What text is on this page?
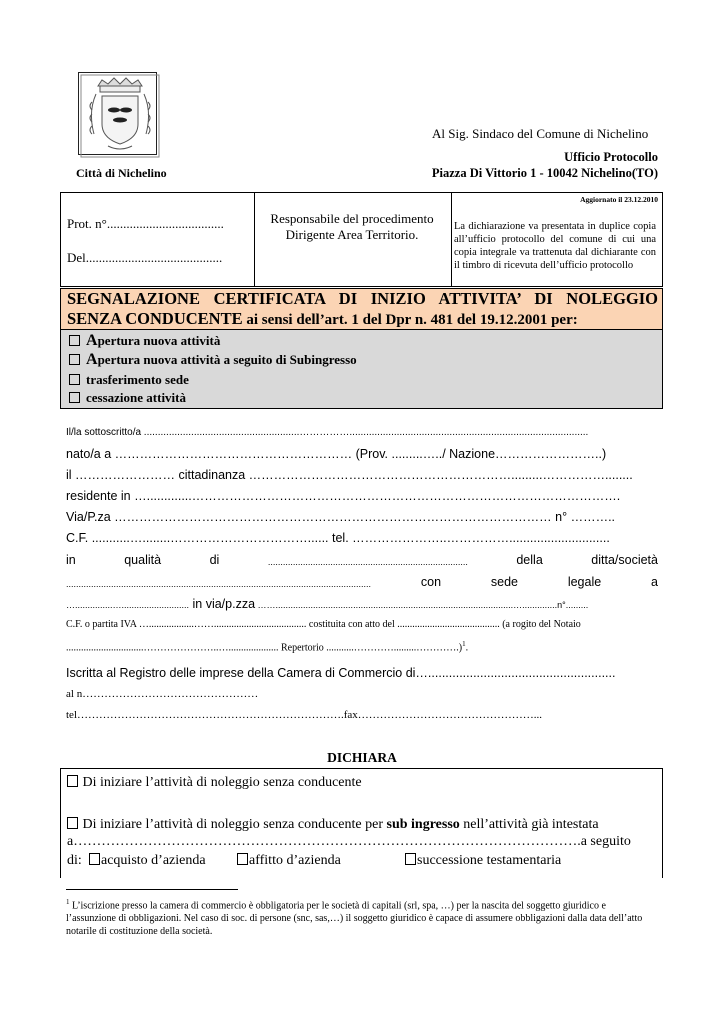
Città di Nichelino
Al Sig. Sindaco del Comune di Nichelino
Ufficio Protocollo
Piazza Di Vittorio 1 - 10042 Nichelino(TO)
Aggiornato il 23.12.2010
Prot. n°....................................
Del..........................................
Responsabile del procedimento Dirigente Area Territorio.
La dichiarazione va presentata in duplice copia all’ufficio protocollo del comune di cui una copia integrale va trattenuta dal dichiarante con il timbro di ricevuta dell’ufficio protocollo
SEGNALAZIONE CERTIFICATA DI INIZIO ATTIVITA’ DI NOLEGGIO
SENZA CONDUCENTE ai sensi dell’art. 1 del Dpr n. 481 del 19.12.2001 per:
Apertura nuova attività
Apertura nuova attività a seguito di Subingresso
trasferimento sede
cessazione attività
Il/la sottoscritto/a ........................................................……………......................................................................................
nato/a a ………………………………………………… (Prov. .........…../ Nazione……………………..)
il …………………… cittadinanza ……………………………………………………….........……………........
residente in ….............………………………………………………………………………………………….
Via/P.za …………………………………………………………………………………………… n° ………..
C.F. ...........…........……………………………...... tel. …………………..…………….............................
in	qualità	di	................................................................................	della	ditta/società
..........................................................................................................................	con	sede	legale	a
…...............…........................... in via/p.zza ……...............................................................................................…..............n°.........
C.F. o partita IVA …..................……..................................... costituita con atto del ......................................... (a rogito del Notaio
...............................…………………..….................... Repertorio ...........………….........………….)$^1$.
Iscritta al Registro delle imprese della Camera di Commercio di…......................................................
al n…………………………………………
tel……………………………………………………………….fax…………………………………………...
DICHIARA
Di iniziare l’attività di noleggio senza conducente
Di iniziare l’attività di noleggio senza conducente per sub ingresso nell’attività già intestata
a……………………………………………………………………………………………….a seguito
di:	acquisto d’azienda	affitto d’azienda	successione testamentaria
$^1$ L’iscrizione presso la camera di commercio è obbligatoria per le società di capitali (srl, spa, …) per la nascita del soggetto giuridico e l’assunzione di obbligazioni. Nel caso di soc. di persone (snc, sas,…) il soggetto giuridico è capace di assumere obbligazioni dalla data dell’atto notarile di costituzione della società.
